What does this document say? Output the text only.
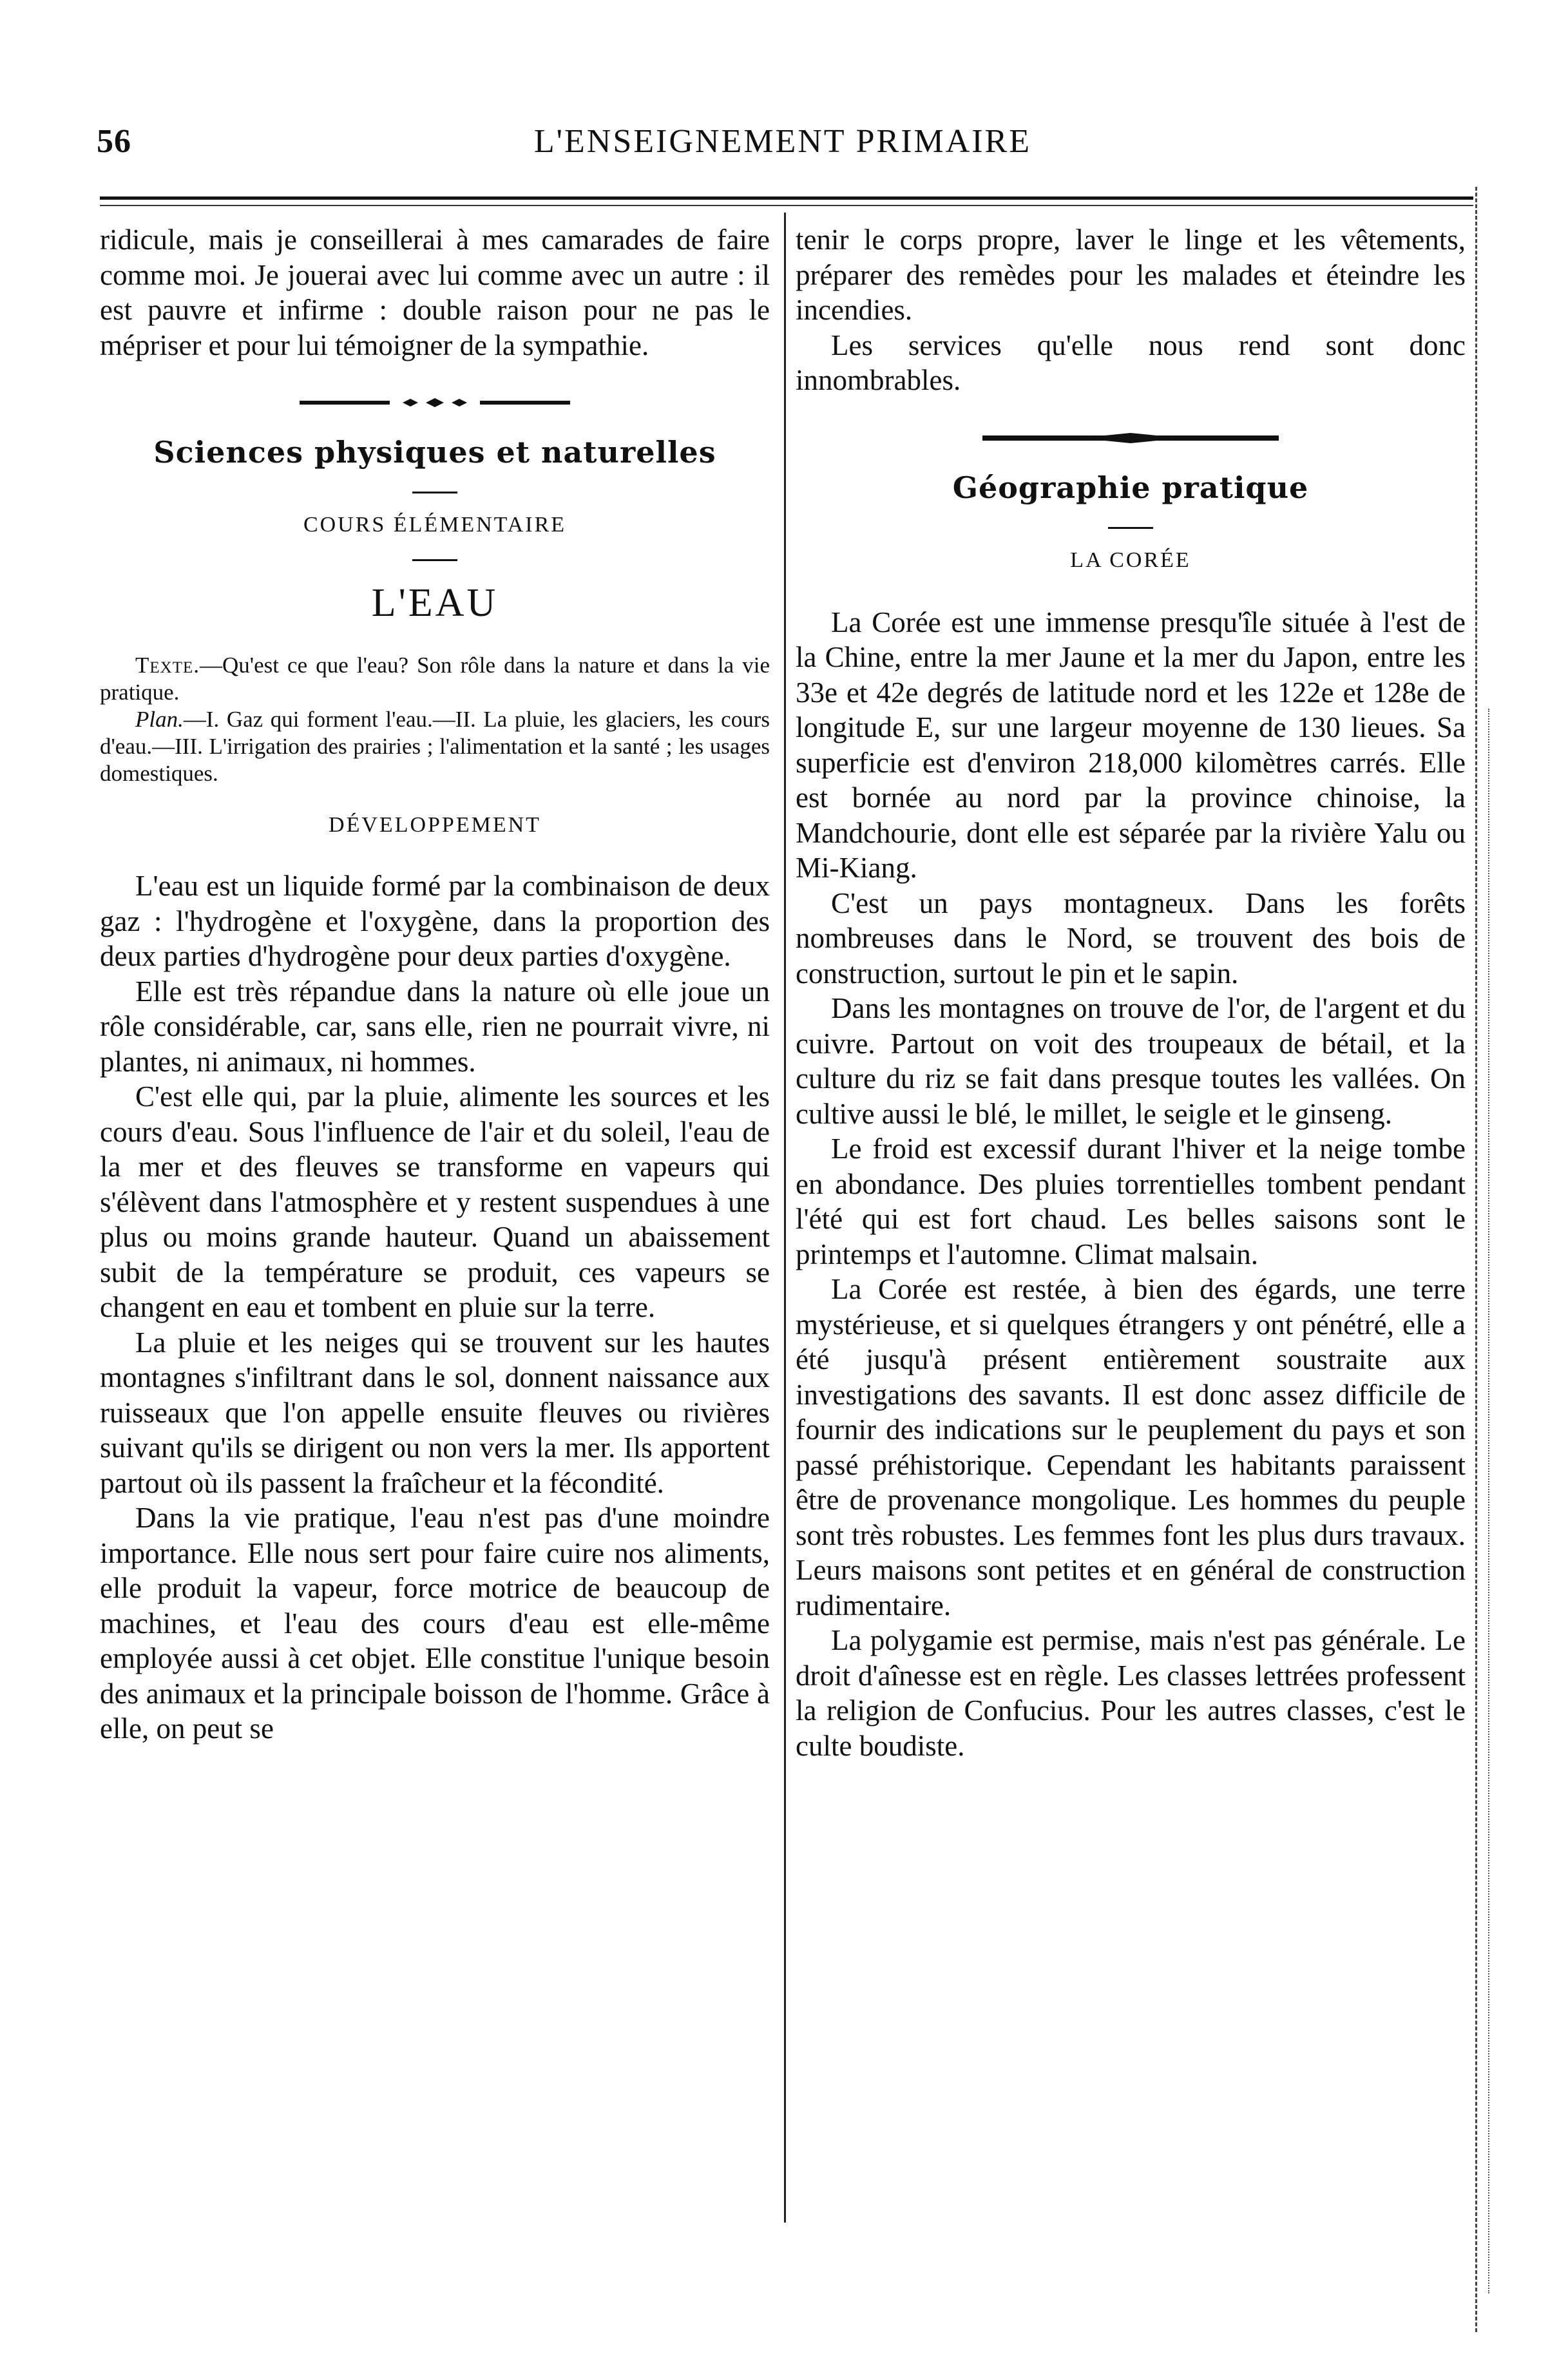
56	L'ENSEIGNEMENT PRIMAIRE

ridicule, mais je conseillerai à mes camarades de faire comme moi. Je jouerai avec lui comme avec un autre : il est pauvre et infirme : double raison pour ne pas le mépriser et pour lui témoigner de la sympathie.

Sciences physiques et naturelles
COURS ÉLÉMENTAIRE
L'EAU

Texte.—Qu'est ce que l'eau? Son rôle dans la nature et dans la vie pratique.

Plan.—I. Gaz qui forment l'eau.—II. La pluie, les glaciers, les cours d'eau.—III. L'irrigation des prairies ; l'alimentation et la santé ; les usages domestiques.

DÉVELOPPEMENT

L'eau est un liquide formé par la combinaison de deux gaz : l'hydrogène et l'oxygène, dans la proportion des deux parties d'hydrogène pour deux parties d'oxygène.

Elle est très répandue dans la nature où elle joue un rôle considérable, car, sans elle, rien ne pourrait vivre, ni plantes, ni animaux, ni hommes.

C'est elle qui, par la pluie, alimente les sources et les cours d'eau. Sous l'influence de l'air et du soleil, l'eau de la mer et des fleuves se transforme en vapeurs qui s'élèvent dans l'atmosphère et y restent suspendues à une plus ou moins grande hauteur. Quand un abaissement subit de la température se produit, ces vapeurs se changent en eau et tombent en pluie sur la terre.

La pluie et les neiges qui se trouvent sur les hautes montagnes s'infiltrant dans le sol, donnent naissance aux ruisseaux que l'on appelle ensuite fleuves ou rivières suivant qu'ils se dirigent ou non vers la mer. Ils apportent partout où ils passent la fraîcheur et la fécondité.

Dans la vie pratique, l'eau n'est pas d'une moindre importance. Elle nous sert pour faire cuire nos aliments, elle produit la vapeur, force motrice de beaucoup de machines, et l'eau des cours d'eau est elle-même employée aussi à cet objet. Elle constitue l'unique besoin des animaux et la principale boisson de l'homme. Grâce à elle, on peut se

tenir le corps propre, laver le linge et les vêtements, préparer des remèdes pour les malades et éteindre les incendies.

Les services qu'elle nous rend sont donc innombrables.

Géographie pratique
LA CORÉE

La Corée est une immense presqu'île située à l'est de la Chine, entre la mer Jaune et la mer du Japon, entre les 33e et 42e degrés de latitude nord et les 122e et 128e de longitude E, sur une largeur moyenne de 130 lieues. Sa superficie est d'environ 218,000 kilomètres carrés. Elle est bornée au nord par la province chinoise, la Mandchourie, dont elle est séparée par la rivière Yalu ou Mi-Kiang.

C'est un pays montagneux. Dans les forêts nombreuses dans le Nord, se trouvent des bois de construction, surtout le pin et le sapin.

Dans les montagnes on trouve de l'or, de l'argent et du cuivre. Partout on voit des troupeaux de bétail, et la culture du riz se fait dans presque toutes les vallées. On cultive aussi le blé, le millet, le seigle et le ginseng.

Le froid est excessif durant l'hiver et la neige tombe en abondance. Des pluies torrentielles tombent pendant l'été qui est fort chaud. Les belles saisons sont le printemps et l'automne. Climat malsain.

La Corée est restée, à bien des égards, une terre mystérieuse, et si quelques étrangers y ont pénétré, elle a été jusqu'à présent entièrement soustraite aux investigations des savants. Il est donc assez difficile de fournir des indications sur le peuplement du pays et son passé préhistorique. Cependant les habitants paraissent être de provenance mongolique. Les hommes du peuple sont très robustes. Les femmes font les plus durs travaux. Leurs maisons sont petites et en général de construction rudimentaire.

La polygamie est permise, mais n'est pas générale. Le droit d'aînesse est en règle. Les classes lettrées professent la religion de Confucius. Pour les autres classes, c'est le culte boudiste.
